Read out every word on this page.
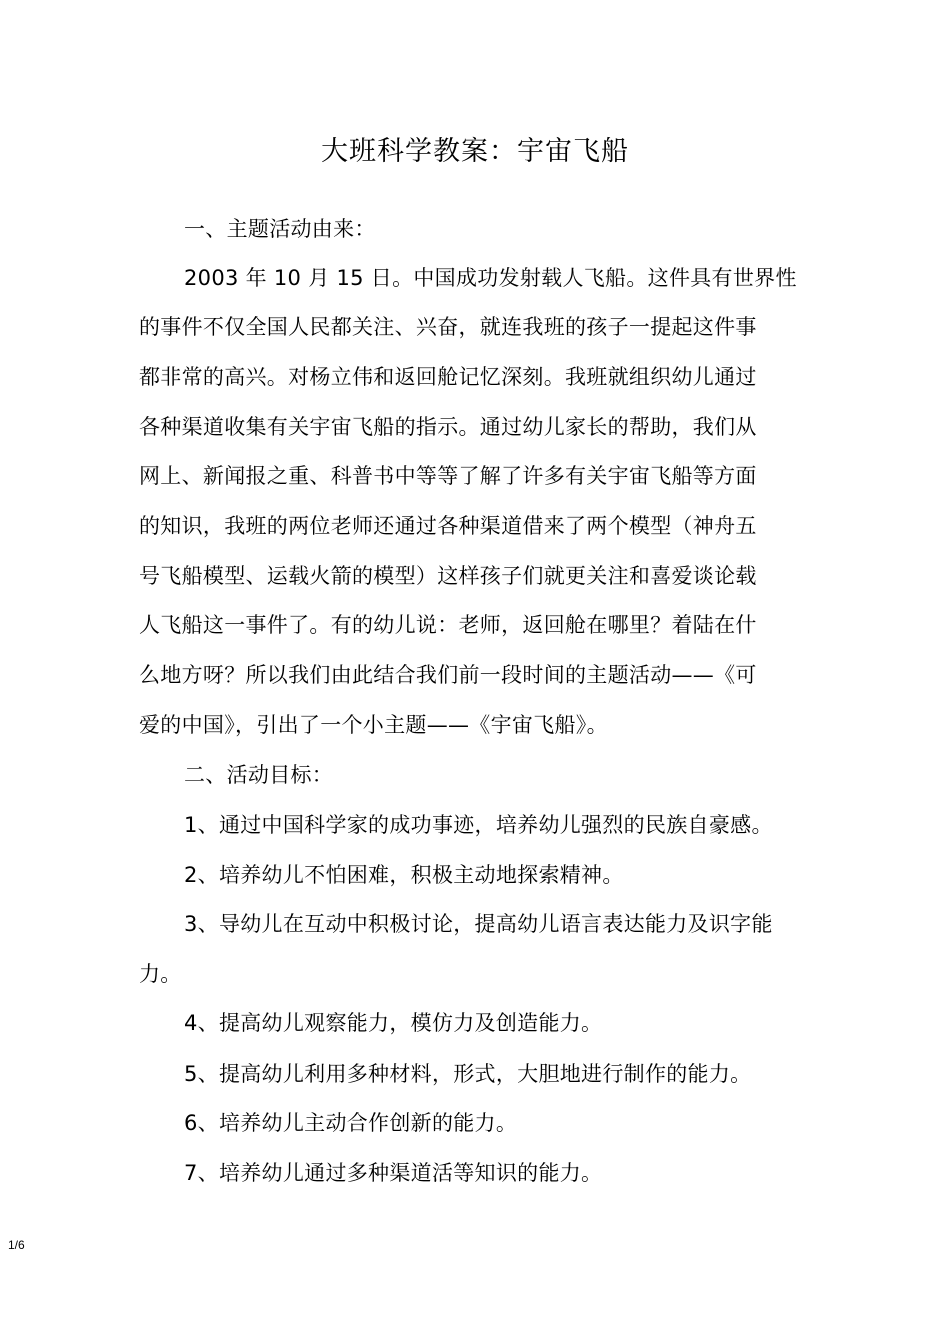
大班科学教案：宇宙飞船
一、主题活动由来：
2003 年 10 月 15 日。中国成功发射载人飞船。这件具有世界性
的事件不仅全国人民都关注、兴奋，就连我班的孩子一提起这件事
都非常的高兴。对杨立伟和返回舱记忆深刻。我班就组织幼儿通过
各种渠道收集有关宇宙飞船的指示。通过幼儿家长的帮助，我们从
网上、新闻报之重、科普书中等等了解了许多有关宇宙飞船等方面
的知识，我班的两位老师还通过各种渠道借来了两个模型（神舟五
号飞船模型、运载火箭的模型）这样孩子们就更关注和喜爱谈论载
人飞船这一事件了。有的幼儿说：老师，返回舱在哪里？着陆在什
么地方呀？所以我们由此结合我们前一段时间的主题活动——《可
爱的中国》，引出了一个小主题——《宇宙飞船》。
二、活动目标：
1、通过中国科学家的成功事迹，培养幼儿强烈的民族自豪感。
2、培养幼儿不怕困难，积极主动地探索精神。
3、导幼儿在互动中积极讨论，提高幼儿语言表达能力及识字能
力。
4、提高幼儿观察能力，模仿力及创造能力。
5、提高幼儿利用多种材料，形式，大胆地进行制作的能力。
6、培养幼儿主动合作创新的能力。
7、培养幼儿通过多种渠道活等知识的能力。
1/6
